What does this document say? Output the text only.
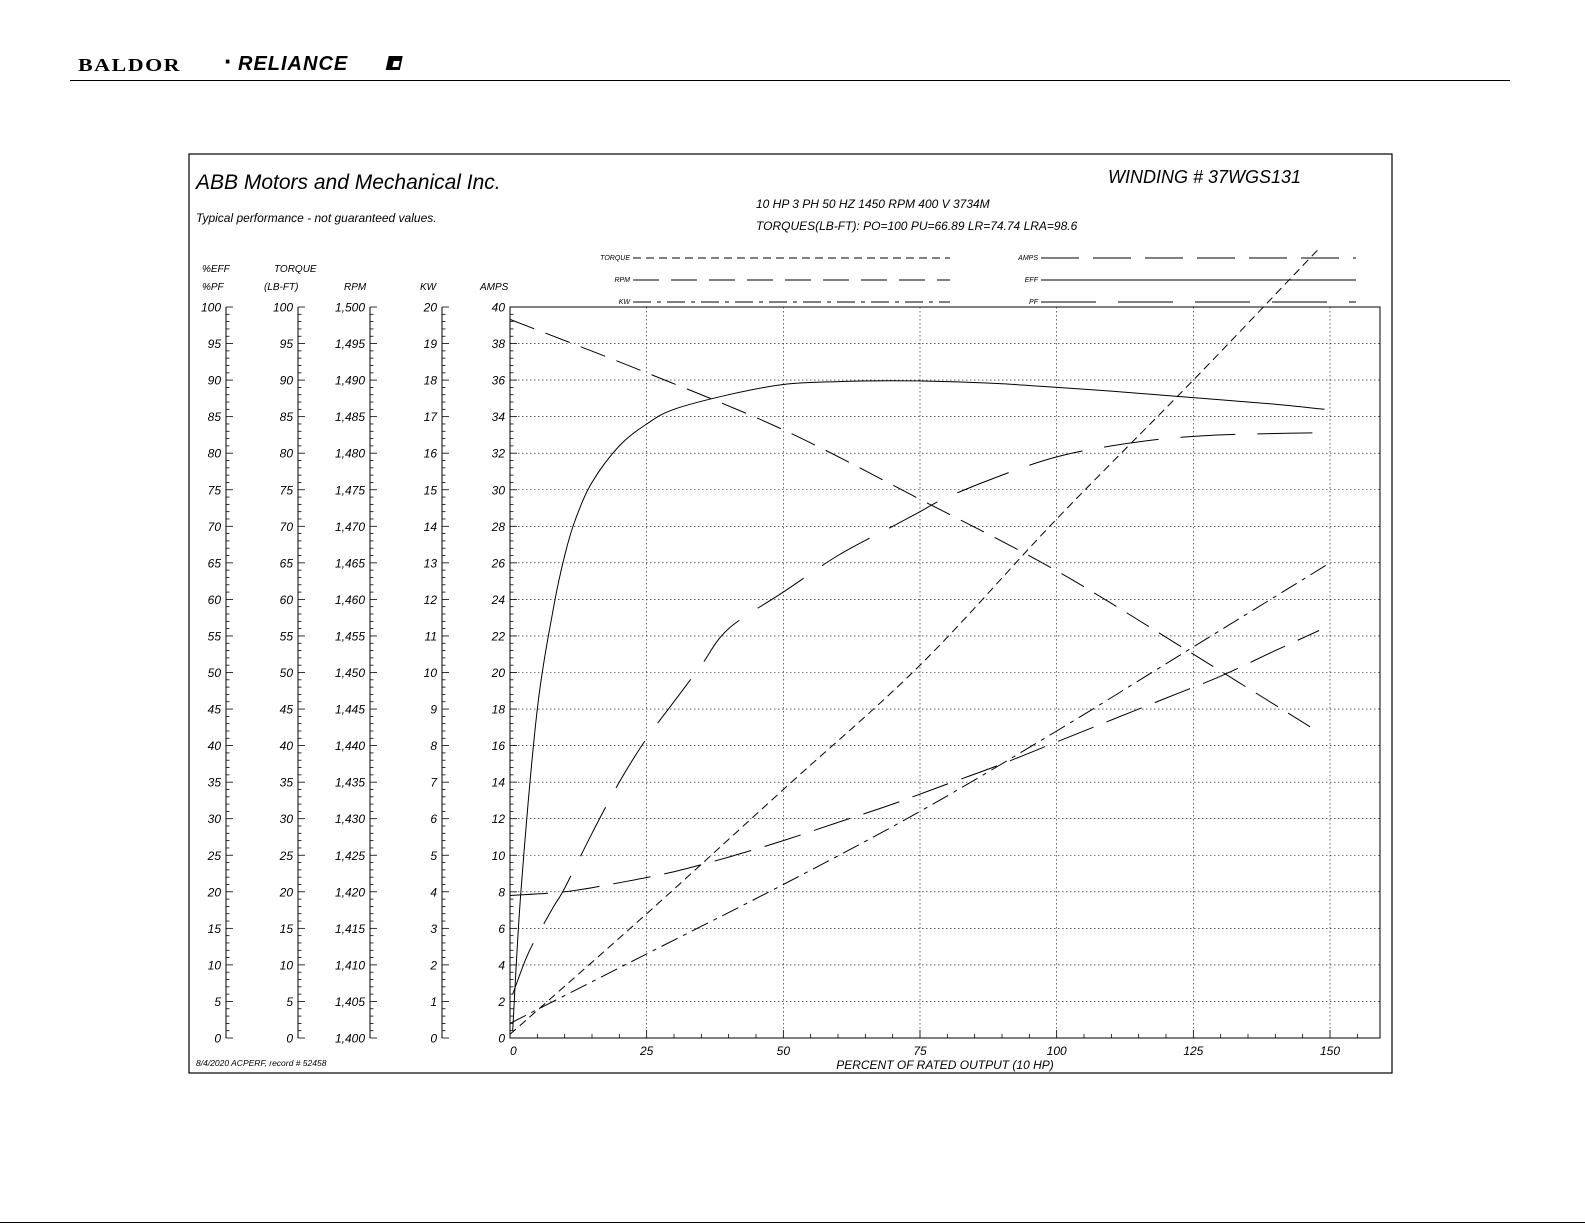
BALDOR · RELIANCE
ABB Motors and Mechanical Inc.
Typical performance - not guaranteed values.
WINDING # 37WGS131
10 HP 3 PH 50 HZ 1450 RPM 400 V 3734M
TORQUES(LB-FT): PO=100 PU=66.89 LR=74.74 LRA=98.6
TORQUE
RPM
KW
AMPS
EFF
PF
100
95
90
85
80
75
70
65
60
55
50
45
40
35
30
25
20
15
10
5
0
%EFF
%PF
100
95
90
85
80
75
70
65
60
55
50
45
40
35
30
25
20
15
10
5
0
TORQUE
(LB-FT)
1,500
1,495
1,490
1,485
1,480
1,475
1,470
1,465
1,460
1,455
1,450
1,445
1,440
1,435
1,430
1,425
1,420
1,415
1,410
1,405
1,400
RPM
20
19
18
17
16
15
14
13
12
11
10
9
8
7
6
5
4
3
2
1
0
KW
40
38
36
34
32
30
28
26
24
22
20
18
16
14
12
10
8
6
4
2
0
AMPS
0	25	50	75	100	125	150
PERCENT OF RATED OUTPUT (10 HP)
8/4/2020 ACPERF, record # 52458
